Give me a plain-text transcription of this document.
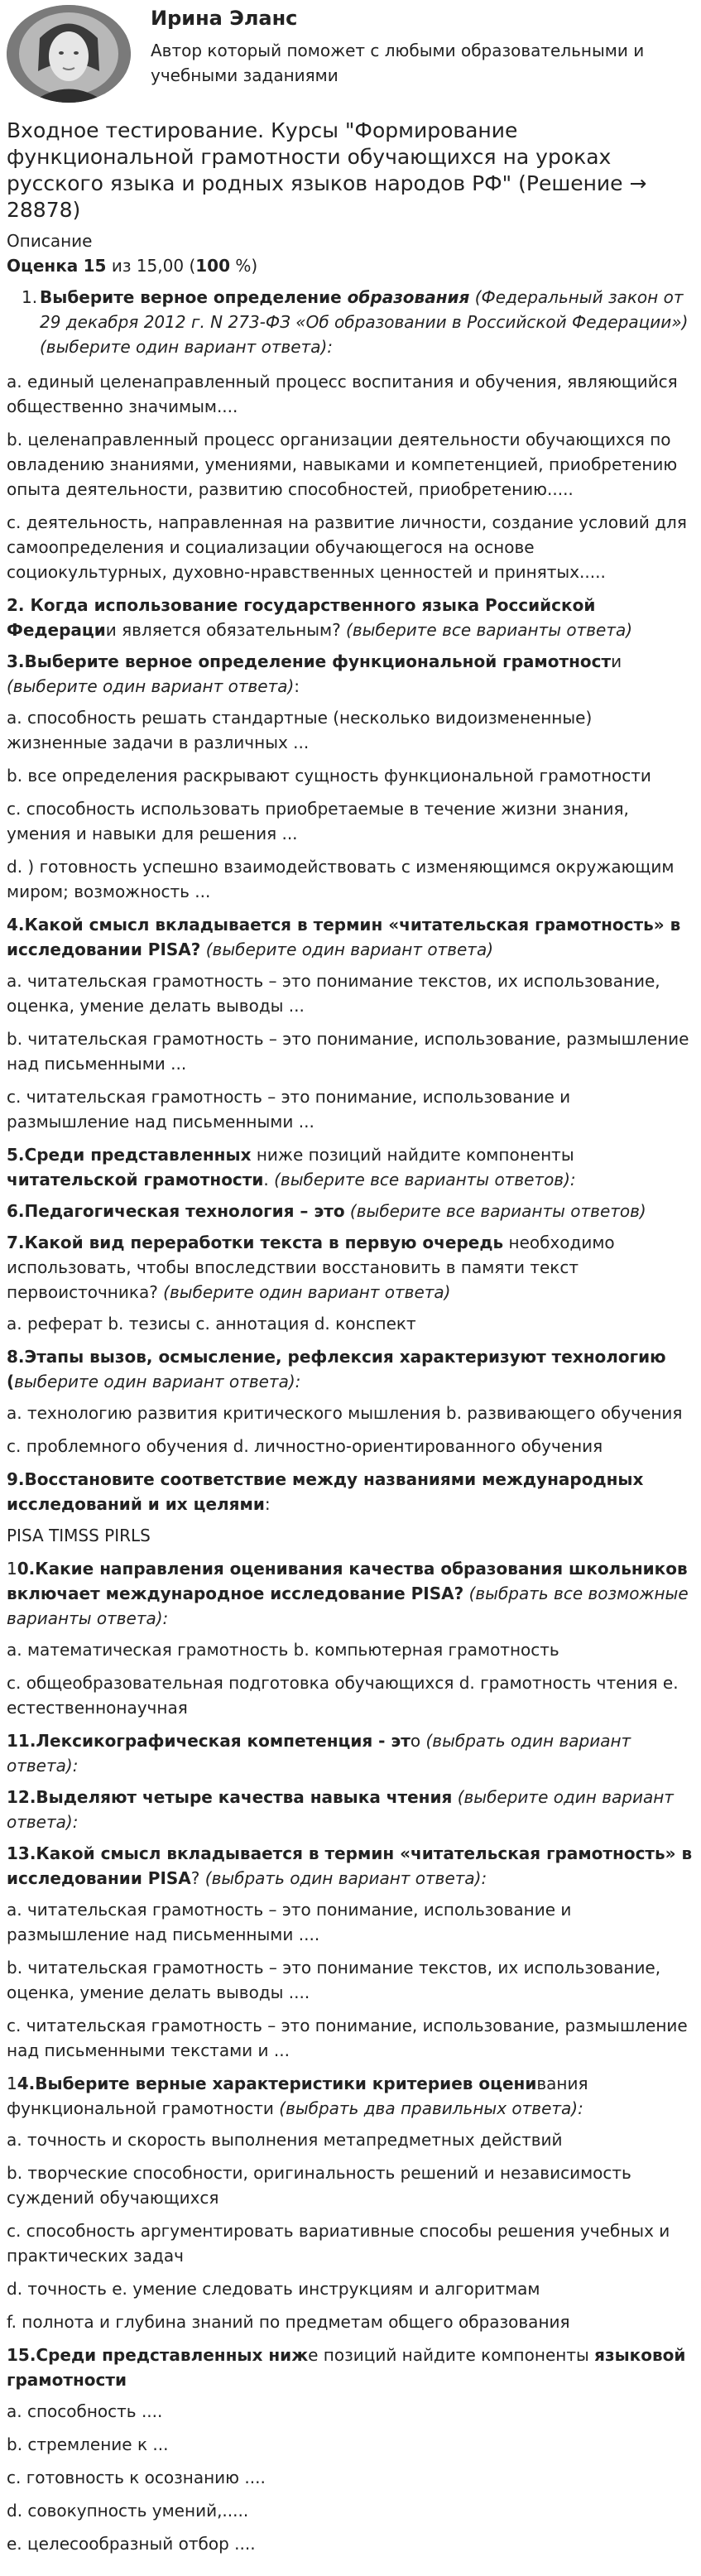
Ирина Эланс
Автор который поможет с любыми образовательными и учебными заданиями
Входное тестирование. Курсы "Формирование функциональной грамотности обучающихся на уроках русского языка и родных языков народов РФ" (Решение → 28878)
Описание
Оценка 15 из 15,00 (100 %)
1. Выберите верное определение образования (Федеральный закон от 29 декабря 2012 г. N 273-ФЗ «Об образовании в Российской Федерации») (выберите один вариант ответа):

a. единый целенаправленный процесс воспитания и обучения, являющийся общественно значимым....

b. целенаправленный процесс организации деятельности обучающихся по овладению знаниями, умениями, навыками и компетенцией, приобретению опыта деятельности, развитию способностей, приобретению.....

c. деятельность, направленная на развитие личности, создание условий для самоопределения и социализации обучающегося на основе социокультурных, духовно-нравственных ценностей и принятых.....

2. Когда использование государственного языка Российской Федерации является обязательным? (выберите все варианты ответа)

3.Выберите верное определение функциональной грамотности (выберите один вариант ответа):

a. способность решать стандартные (несколько видоизмененные) жизненные задачи в различных ...

b. все определения раскрывают сущность функциональной грамотности

c. способность использовать приобретаемые в течение жизни знания, умения и навыки для решения ...

d. ) готовность успешно взаимодействовать с изменяющимся окружающим миром; возможность ...

4.Какой смысл вкладывается в термин «читательская грамотность» в исследовании PISA? (выберите один вариант ответа)

a. читательская грамотность – это понимание текстов, их использование, оценка, умение делать выводы ...

b. читательская грамотность – это понимание, использование, размышление над письменными ...

c. читательская грамотность – это понимание, использование и размышление над письменными ...

5.Среди представленных ниже позиций найдите компоненты читательской грамотности. (выберите все варианты ответов):

6.Педагогическая технология – это (выберите все варианты ответов)

7.Какой вид переработки текста в первую очередь необходимо использовать, чтобы впоследствии восстановить в памяти текст первоисточника? (выберите один вариант ответа)

a. реферат b. тезисы c. аннотация d. конспект

8.Этапы вызов, осмысление, рефлексия характеризуют технологию (выберите один вариант ответа):

a. технологию развития критического мышления b. развивающего обучения

c. проблемного обучения d. личностно-ориентированного обучения

9.Восстановите соответствие между названиями международных исследований и их целями:

PISA TIMSS PIRLS

10.Какие направления оценивания качества образования школьников включает международное исследование PISA? (выбрать все возможные варианты ответа):

a. математическая грамотность b. компьютерная грамотность

c. общеобразовательная подготовка обучающихся d. грамотность чтения e. естественнонаучная

11.Лексикографическая компетенция - это (выбрать один вариант ответа):

12.Выделяют четыре качества навыка чтения (выберите один вариант ответа):

13.Какой смысл вкладывается в термин «читательская грамотность» в исследовании PISA? (выбрать один вариант ответа):

a. читательская грамотность – это понимание, использование и размышление над письменными ....

b. читательская грамотность – это понимание текстов, их использование, оценка, умение делать выводы ....

c. читательская грамотность – это понимание, использование, размышление над письменными текстами и ...

14.Выберите верные характеристики критериев оценивания функциональной грамотности (выбрать два правильных ответа):

a. точность и скорость выполнения метапредметных действий

b. творческие способности, оригинальность решений и независимость суждений обучающихся

c. способность аргументировать вариативные способы решения учебных и практических задач

d. точность e. умение следовать инструкциям и алгоритмам

f. полнота и глубина знаний по предметам общего образования

15.Среди представленных ниже позиций найдите компоненты языковой грамотности

a. способность ....

b. стремление к ...

c. готовность к осознанию ....

d. совокупность умений,.....

e. целесообразный отбор ....
